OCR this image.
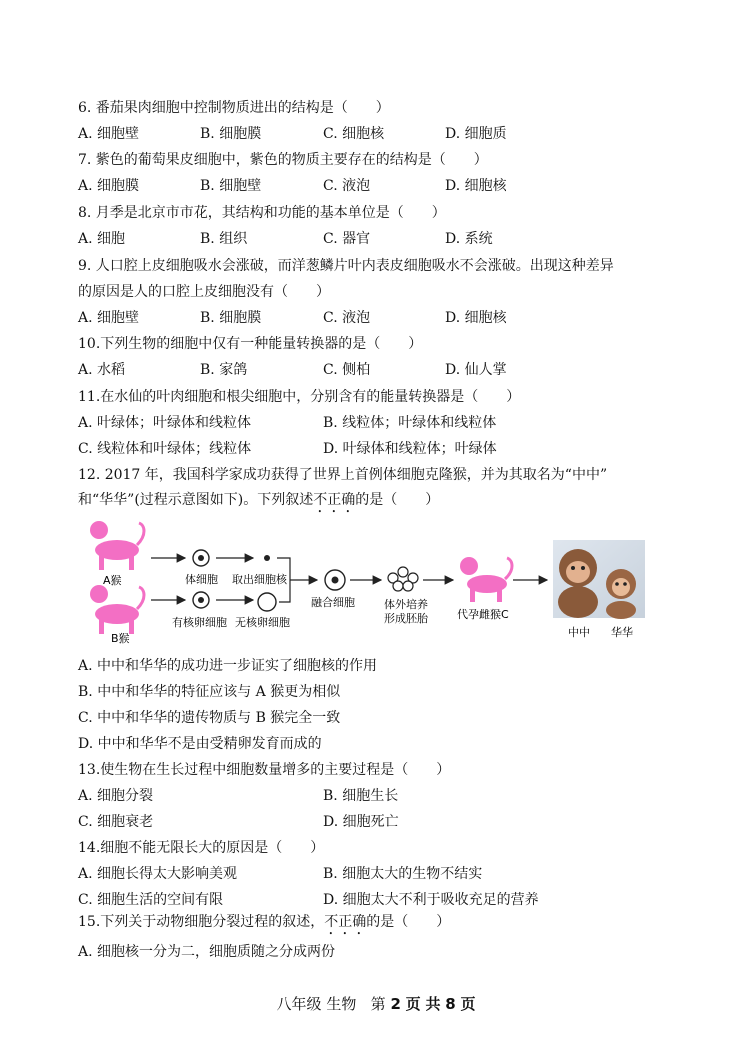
6. 番茄果肉细胞中控制物质进出的结构是（　　）
A. 细胞壁	B. 细胞膜	C. 细胞核	D. 细胞质
7. 紫色的葡萄果皮细胞中，紫色的物质主要存在的结构是（　　）
A. 细胞膜	B. 细胞壁	C. 液泡	D. 细胞核
8. 月季是北京市市花，其结构和功能的基本单位是（　　）
A. 细胞	B. 组织	C. 器官	D. 系统
9. 人口腔上皮细胞吸水会涨破，而洋葱鳞片叶内表皮细胞吸水不会涨破。出现这种差异
的原因是人的口腔上皮细胞没有（　　）
A. 细胞壁	B. 细胞膜	C. 液泡	D. 细胞核
10.下列生物的细胞中仅有一种能量转换器的是（　　）
A. 水稻	B. 家鸽	C. 侧柏	D. 仙人掌
11.在水仙的叶肉细胞和根尖细胞中，分别含有的能量转换器是（　　）
A. 叶绿体；叶绿体和线粒体	B. 线粒体；叶绿体和线粒体
C. 线粒体和叶绿体；线粒体	D. 叶绿体和线粒体；叶绿体
12. 2017 年，我国科学家成功获得了世界上首例体细胞克隆猴，并为其取名为“中中”
和“华华”(过程示意图如下)。下列叙述不正确的是（　　）
A猴
B猴
体细胞 取出细胞核
有核卵细胞 无核卵细胞
融合细胞	体外培养
形成胚胎	代孕雌猴C
中中 华华
A. 中中和华华的成功进一步证实了细胞核的作用
B. 中中和华华的特征应该与 A 猴更为相似
C. 中中和华华的遗传物质与 B 猴完全一致
D. 中中和华华不是由受精卵发育而成的
13.使生物在生长过程中细胞数量增多的主要过程是（　　）
A. 细胞分裂	B. 细胞生长
C. 细胞衰老	D. 细胞死亡
14.细胞不能无限长大的原因是（　　）
A. 细胞长得太大影响美观	B. 细胞太大的生物不结实
C. 细胞生活的空间有限	D. 细胞太大不利于吸收充足的营养
15.下列关于动物细胞分裂过程的叙述，不正确的是（　　）
A. 细胞核一分为二，细胞质随之分成两份
八年级 生物 第 2 页 共 8 页
